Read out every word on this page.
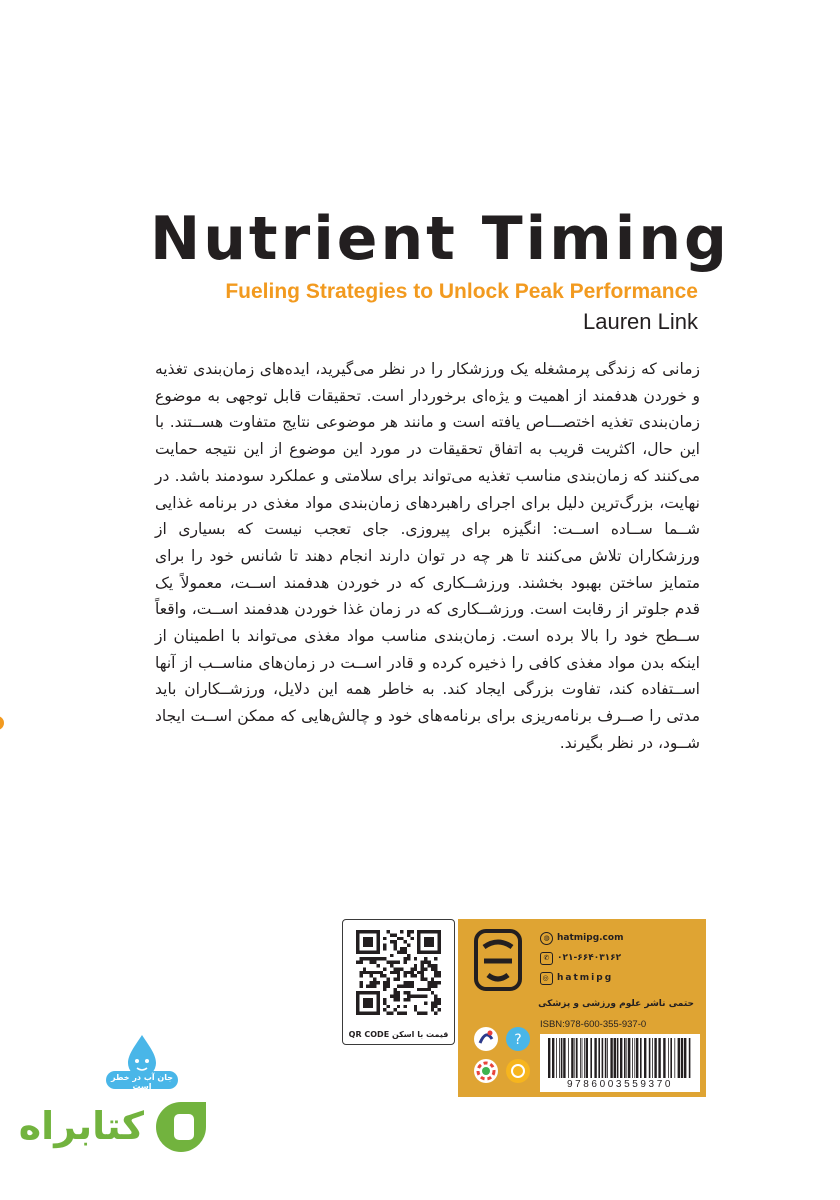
Nutrient Timing
Fueling Strategies to Unlock Peak Performance
Lauren Link
زمانی که زندگی پرمشغله یک ورزشکار را در نظر می‌گیرید، ایده‌های زمان‌بندی تغذیه و خوردن هدفمند از اهمیت و یژه‌ای برخوردار است. تحقیقات قابل توجهی به موضوع زمان‌بندی تغذیه اختصـــاص یافته است و مانند هر موضوعی نتایج متفاوت هســتند. با این حال، اکثریت قریب به اتفاق تحقیقات در مورد این موضوع از این نتیجه حمایت می‌کنند که زمان‌بندی مناسب تغذیه می‌تواند برای سلامتی و عملکرد سودمند باشد. در نهایت، بزرگ‌ترین دلیل برای اجرای راهبردهای زمان‌بندی مواد مغذی در برنامه غذایی شــما ســاده اســت: انگیزه برای پیروزی. جای تعجب نیست که بسیاری از ورزشکاران تلاش می‌کنند تا هر چه در توان دارند انجام دهند تا شانس خود را برای متمایز ساختن بهبود بخشند. ورزشــکاری که در خوردن هدفمند اســت، معمولاً یک قدم جلوتر از رقابت است. ورزشــکاری که در زمان غذا خوردن هدفمند اســت، واقعاً ســطح خود را بالا برده است. زمان‌بندی مناسب مواد مغذی می‌تواند با اطمینان از اینکه بدن مواد مغذی کافی را ذخیره کرده و قادر اســت در زمان‌های مناســب از آنها اســتفاده کند، تفاوت بزرگی ایجاد کند. به خاطر همه این دلایل، ورزشــکاران باید مدتی را صــرف برنامه‌ریزی برای برنامه‌های خود و چالش‌هایی که ممکن اســت ایجاد شــود، در نظر بگیرند.
قیمت با اسکن QR CODE
◍ hatmipg.com
✆ ۰۲۱-۶۶۴۰۳۱۶۲
◎ hatmipg
حتمی ناشر علوم ورزشی و پزشکی
ISBN:978-600-355-937-0
?
9786003559370
جان آب در خطر است
کتابراه
